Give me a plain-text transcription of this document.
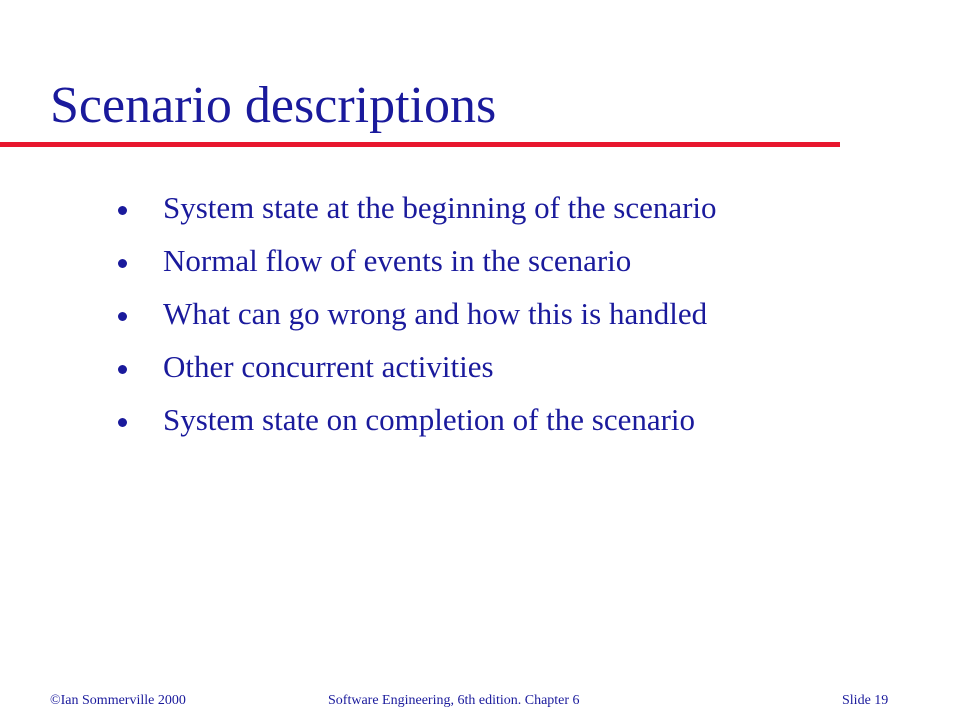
Scenario descriptions
System state at the beginning of the scenario
Normal flow of events in the scenario
What can go wrong and how this is handled
Other concurrent activities
System state on completion of the scenario
©Ian Sommerville 2000	Software Engineering, 6th edition. Chapter 6	Slide 19
